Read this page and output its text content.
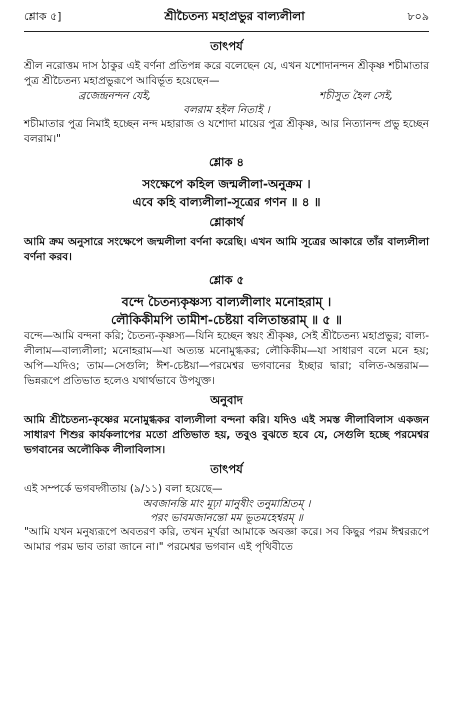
শ্লোক ৫]	শ্রীচৈতন্য মহাপ্রভুর বাল্যলীলা	৮০৯
তাৎপর্য

শ্রীল নরোত্তম দাস ঠাকুর এই বর্ণনা প্রতিপন্ন করে বলেছেন যে, এখন যশোদানন্দন শ্রীকৃষ্ণ শচীমাতার পুত্র শ্রীচৈতন্য মহাপ্রভুরূপে আবির্ভূত হয়েছেন—

ব্রজেন্দ্রনন্দন যেই,	শচীসুত হৈল সেই,
বলরাম হইল নিতাই ।

শচীমাতার পুত্র নিমাই হচ্ছেন নন্দ মহারাজ ও যশোদা মায়ের পুত্র শ্রীকৃষ্ণ, আর নিত্যানন্দ প্রভু হচ্ছেন বলরাম।"

শ্লোক ৪
সংক্ষেপে কহিল জন্মলীলা-অনুক্রম ।
এবে কহি বাল্যলীলা-সূত্রের গণন ॥ ৪ ॥
শ্লোকার্থ

আমি ক্রম অনুসারে সংক্ষেপে জন্মলীলা বর্ণনা করেছি। এখন আমি সূত্রের আকারে তাঁর বাল্যলীলা বর্ণনা করব।

শ্লোক ৫
বন্দে চৈতন্যকৃষ্ণস্য বাল্যলীলাং মনোহরাম্ ।
লৌকিকীমপি তামীশ-চেষ্টয়া বলিতান্তরাম্ ॥ ৫ ॥

বন্দে—আমি বন্দনা করি; চৈতন্য-কৃষ্ণস্য—যিনি হচ্ছেন স্বয়ং শ্রীকৃষ্ণ, সেই শ্রীচৈতন্য মহাপ্রভুর; বাল্য-লীলাম—বাল্যলীলা; মনোহরাম—যা অত্যন্ত মনোমুগ্ধকর; লৌকিকীম—যা সাধারণ বলে মনে হয়; অপি—যদিও; তাম—সেগুলি; ঈশ-চেষ্টয়া—পরমেশ্বর ভগবানের ইচ্ছার দ্বারা; বলিত-অন্তরাম—ভিন্নরূপে প্রতিভাত হলেও যথার্থভাবে উপযুক্ত।

অনুবাদ

আমি শ্রীচৈতন্য-কৃষ্ণের মনোমুগ্ধকর বাল্যলীলা বন্দনা করি। যদিও এই সমস্ত লীলাবিলাস একজন সাধারণ শিশুর কার্যকলাপের মতো প্রতিভাত হয়, তবুও বুঝতে হবে যে, সেগুলি হচ্ছে পরমেশ্বর ভগবানের অলৌকিক লীলাবিলাস।

তাৎপর্য

এই সম্পর্কে ভগবদ্গীতায় (৯/১১) বলা হয়েছে—

অবজানন্তি মাং মূঢ়া মানুষীং তনুমাশ্রিতম্ ।
পরং ভাবমজানন্তো মম ভূতমহেশ্বরম্ ॥

"আমি যখন মনুষ্যরূপে অবতরণ করি, তখন মূর্খরা আমাকে অবজ্ঞা করে। সব কিছুর পরম ঈশ্বররূপে আমার পরম ভাব তারা জানে না।" পরমেশ্বর ভগবান এই পৃথিবীতে
